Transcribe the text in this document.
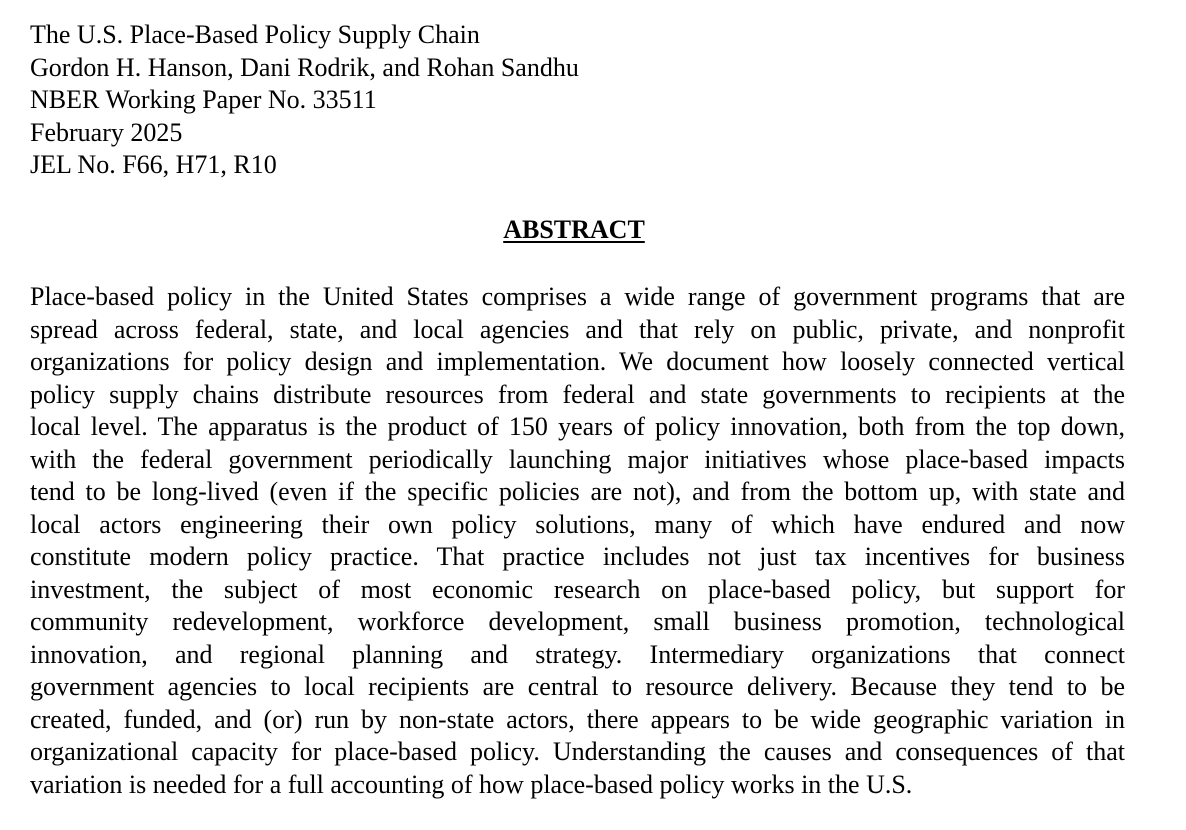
The U.S. Place-Based Policy Supply Chain
Gordon H. Hanson, Dani Rodrik, and Rohan Sandhu
NBER Working Paper No. 33511
February 2025
JEL No. F66, H71, R10
ABSTRACT
Place-based policy in the United States comprises a wide range of government programs that are
spread across federal, state, and local agencies and that rely on public, private, and nonprofit
organizations for policy design and implementation. We document how loosely connected vertical
policy supply chains distribute resources from federal and state governments to recipients at the
local level. The apparatus is the product of 150 years of policy innovation, both from the top down,
with the federal government periodically launching major initiatives whose place-based impacts
tend to be long-lived (even if the specific policies are not), and from the bottom up, with state and
local actors engineering their own policy solutions, many of which have endured and now
constitute modern policy practice. That practice includes not just tax incentives for business
investment, the subject of most economic research on place-based policy, but support for
community redevelopment, workforce development, small business promotion, technological
innovation, and regional planning and strategy. Intermediary organizations that connect
government agencies to local recipients are central to resource delivery. Because they tend to be
created, funded, and (or) run by non-state actors, there appears to be wide geographic variation in
organizational capacity for place-based policy. Understanding the causes and consequences of that
variation is needed for a full accounting of how place-based policy works in the U.S.
